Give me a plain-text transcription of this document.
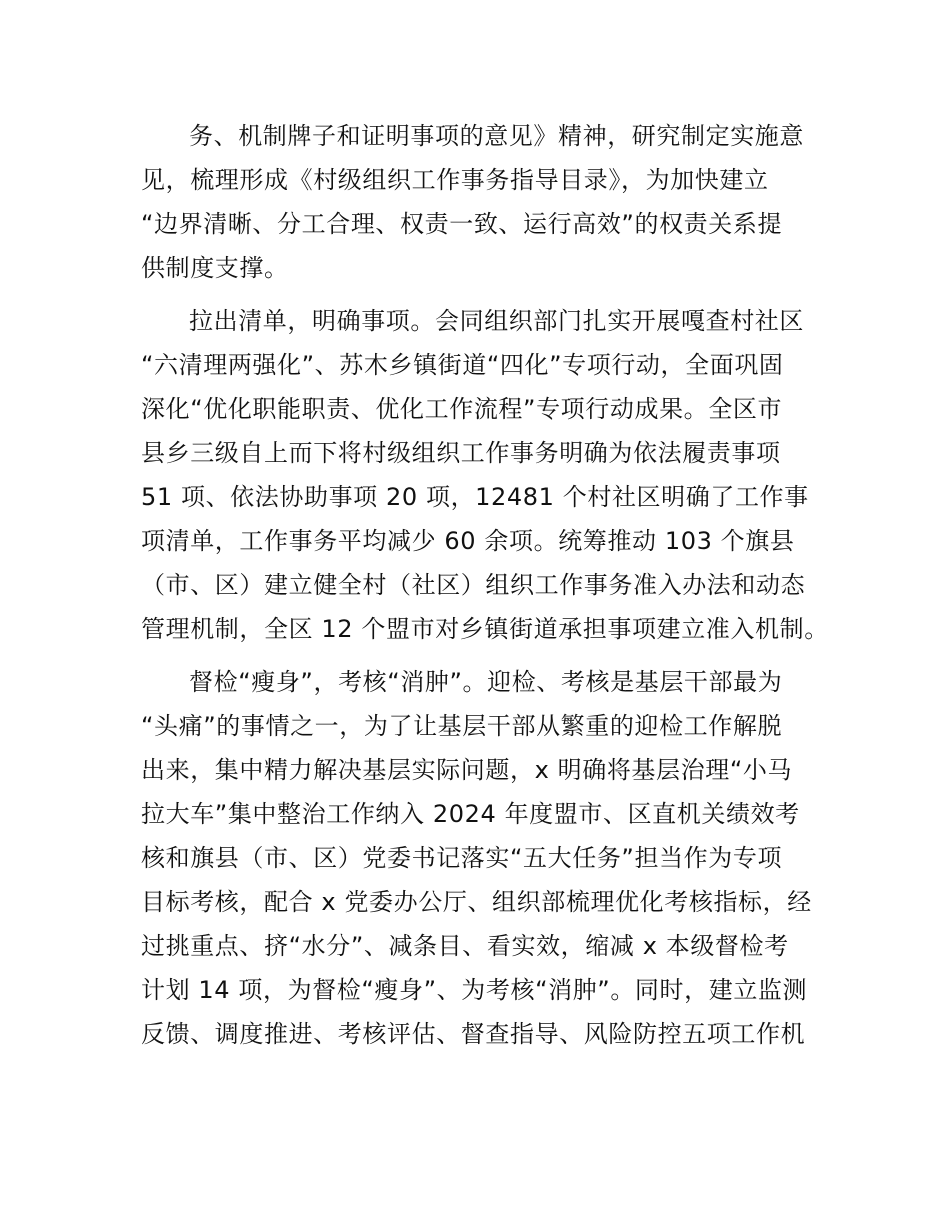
务、机制牌子和证明事项的意见》精神，研究制定实施意
见，梳理形成《村级组织工作事务指导目录》，为加快建立
“边界清晰、分工合理、权责一致、运行高效”的权责关系提
供制度支撑。
拉出清单，明确事项。会同组织部门扎实开展嘎查村社区
“六清理两强化”、苏木乡镇街道“四化”专项行动，全面巩固
深化“优化职能职责、优化工作流程”专项行动成果。全区市
县乡三级自上而下将村级组织工作事务明确为依法履责事项
51 项、依法协助事项 20 项，12481 个村社区明确了工作事
项清单，工作事务平均减少 60 余项。统筹推动 103 个旗县
（市、区）建立健全村（社区）组织工作事务准入办法和动态
管理机制，全区 12 个盟市对乡镇街道承担事项建立准入机制。
督检“瘦身”，考核“消肿”。迎检、考核是基层干部最为
“头痛”的事情之一，为了让基层干部从繁重的迎检工作解脱
出来，集中精力解决基层实际问题，x 明确将基层治理“小马
拉大车”集中整治工作纳入 2024 年度盟市、区直机关绩效考
核和旗县（市、区）党委书记落实“五大任务”担当作为专项
目标考核，配合 x 党委办公厅、组织部梳理优化考核指标，经
过挑重点、挤“水分”、减条目、看实效，缩减 x 本级督检考
计划 14 项，为督检“瘦身”、为考核“消肿”。同时，建立监测
反馈、调度推进、考核评估、督查指导、风险防控五项工作机
